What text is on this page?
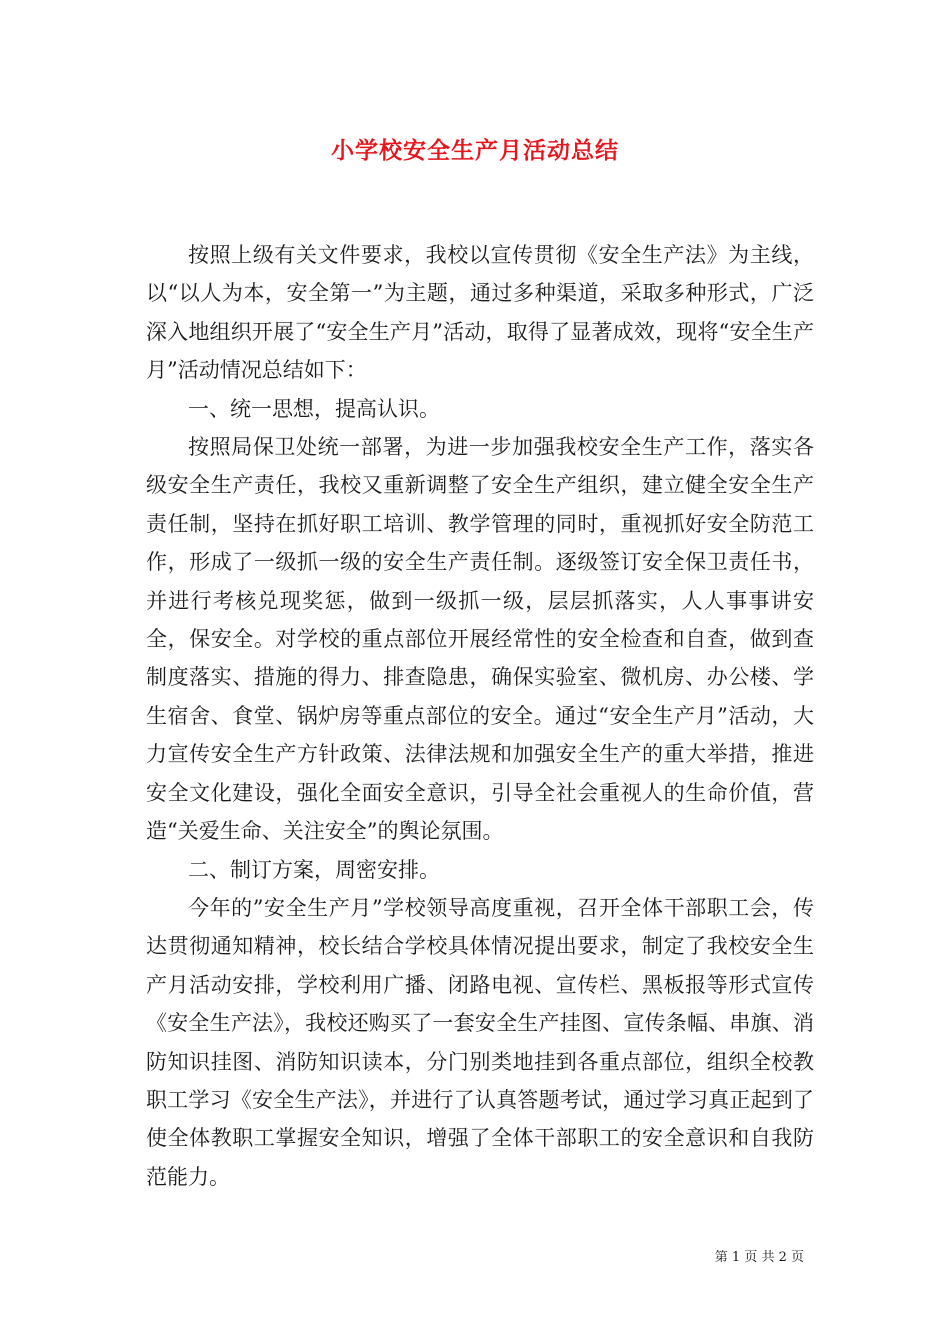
小学校安全生产月活动总结

按照上级有关文件要求，我校以宣传贯彻《安全生产法》为主线，以“以人为本，安全第一”为主题，通过多种渠道，采取多种形式，广泛深入地组织开展了“安全生产月”活动，取得了显著成效，现将“安全生产月”活动情况总结如下：

一、统一思想，提高认识。

按照局保卫处统一部署，为进一步加强我校安全生产工作，落实各级安全生产责任，我校又重新调整了安全生产组织，建立健全安全生产责任制，坚持在抓好职工培训、教学管理的同时，重视抓好安全防范工作，形成了一级抓一级的安全生产责任制。逐级签订安全保卫责任书，并进行考核兑现奖惩，做到一级抓一级，层层抓落实，人人事事讲安全，保安全。对学校的重点部位开展经常性的安全检查和自查，做到查制度落实、措施的得力、排查隐患，确保实验室、微机房、办公楼、学生宿舍、食堂、锅炉房等重点部位的安全。通过“安全生产月”活动，大力宣传安全生产方针政策、法律法规和加强安全生产的重大举措，推进安全文化建设，强化全面安全意识，引导全社会重视人的生命价值，营造“关爱生命、关注安全”的舆论氛围。

二、制订方案，周密安排。

今年的”安全生产月”学校领导高度重视，召开全体干部职工会，传达贯彻通知精神，校长结合学校具体情况提出要求，制定了我校安全生产月活动安排，学校利用广播、闭路电视、宣传栏、黑板报等形式宣传《安全生产法》，我校还购买了一套安全生产挂图、宣传条幅、串旗、消防知识挂图、消防知识读本，分门别类地挂到各重点部位，组织全校教职工学习《安全生产法》，并进行了认真答题考试，通过学习真正起到了使全体教职工掌握安全知识，增强了全体干部职工的安全意识和自我防范能力。

第 1 页 共 2 页
